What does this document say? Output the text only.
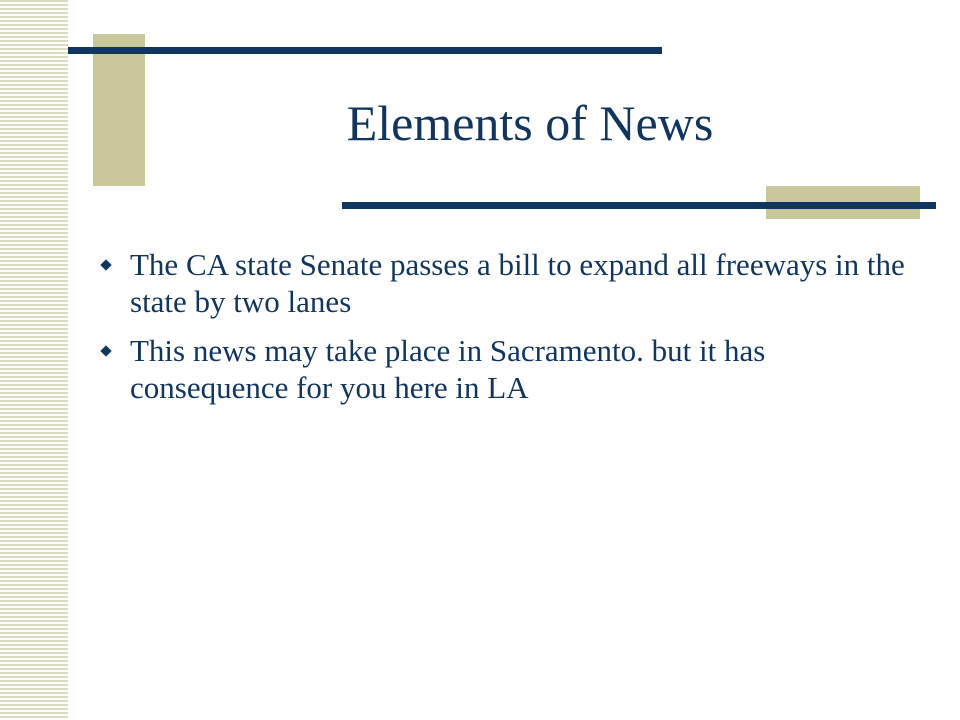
Elements of News
The CA state Senate passes a bill to expand all freeways in the state by two lanes
This news may take place in Sacramento. but it has consequence for you here in LA
